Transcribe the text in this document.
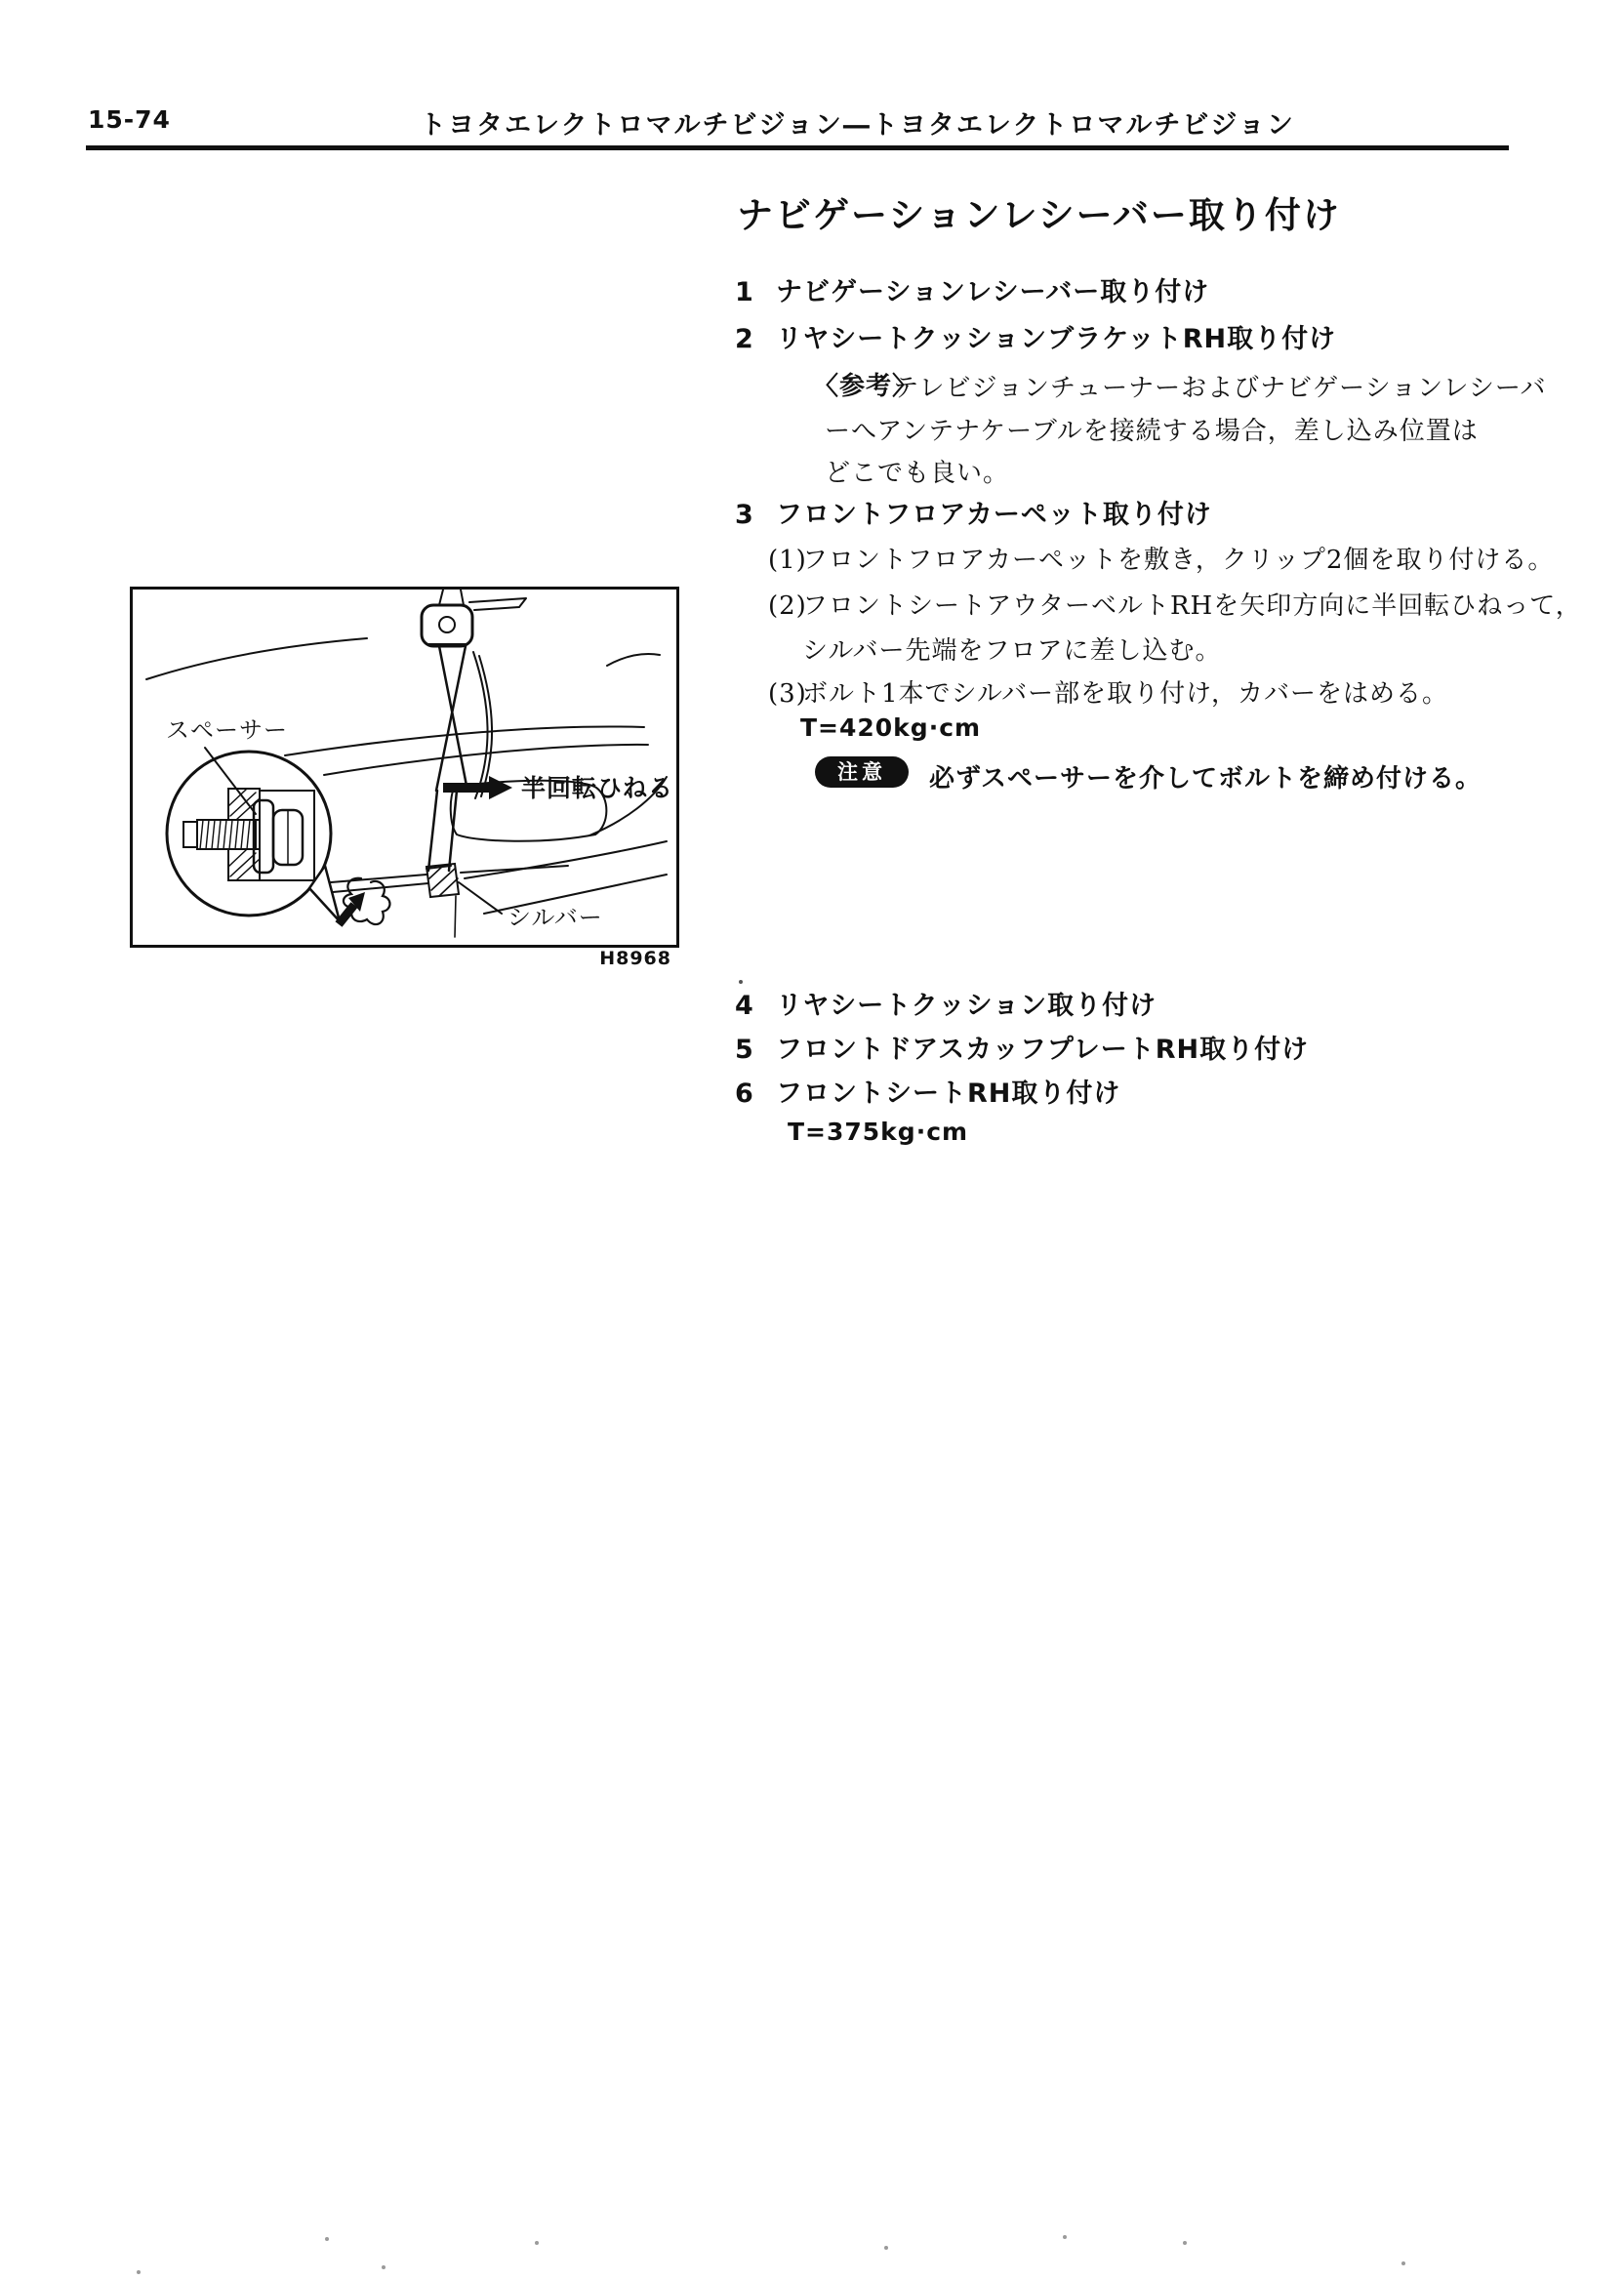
15-74	トヨタエレクトロマルチビジョン―トヨタエレクトロマルチビジョン
ナビゲーションレシーバー取り付け
1 ナビゲーションレシーバー取り付け
2 リヤシートクッションブラケットRH取り付け
〈参考〉
テレビジョンチューナーおよびナビゲーションレシーバ
ーへアンテナケーブルを接続する場合，差し込み位置は
どこでも良い。
3 フロントフロアカーペット取り付け
(1)フロントフロアカーペットを敷き，クリップ2個を取り付ける。
(2)フロントシートアウターベルトRHを矢印方向に半回転ひねって，
シルバー先端をフロアに差し込む。
(3)ボルト1本でシルバー部を取り付け，カバーをはめる。
T=420kg·cm
注意	必ずスペーサーを介してボルトを締め付ける。
スペーサー
半回転ひねる
シルバー
H8968
4 リヤシートクッション取り付け
5 フロントドアスカッフプレートRH取り付け
6 フロントシートRH取り付け
T=375kg·cm
